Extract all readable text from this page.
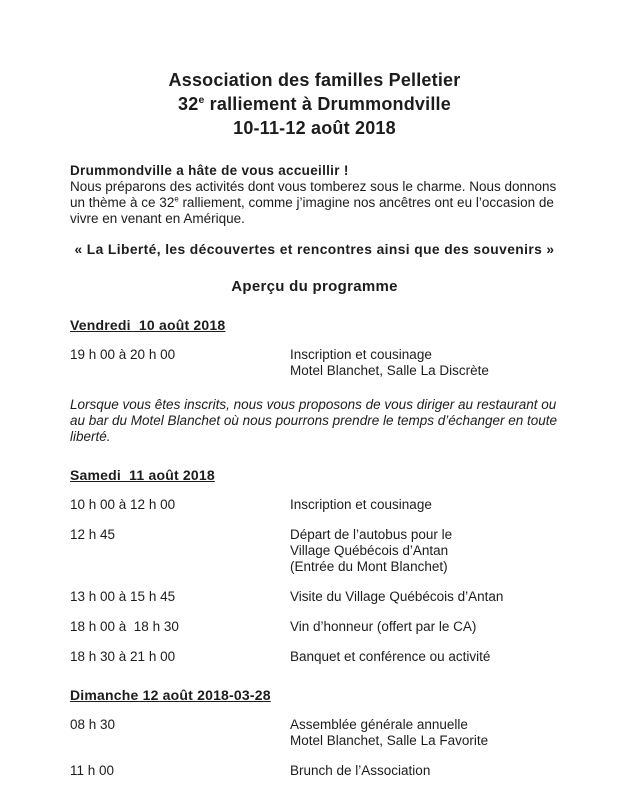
Association des familles Pelletier
32e ralliement à Drummondville
10-11-12 août 2018

Drummondville a hâte de vous accueillir !

Nous préparons des activités dont vous tomberez sous le charme. Nous donnons un thème à ce 32e ralliement, comme j’imagine nos ancêtres ont eu l’occasion de vivre en venant en Amérique.

« La Liberté, les découvertes et rencontres ainsi que des souvenirs »

Aperçu du programme

Vendredi  10 août 2018
19 h 00 à 20 h 00	Inscription et cousinage
Motel Blanchet, Salle La Discrète

Lorsque vous êtes inscrits, nous vous proposons de vous diriger au restaurant ou au bar du Motel Blanchet où nous pourrons prendre le temps d’échanger en toute liberté.

Samedi  11 août 2018
10 h 00 à 12 h 00	Inscription et cousinage
12 h 45	Départ de l’autobus pour le
Village Québécois d’Antan
(Entrée du Mont Blanchet)
13 h 00 à 15 h 45	Visite du Village Québécois d’Antan
18 h 00 à  18 h 30	Vin d’honneur (offert par le CA)
18 h 30 à 21 h 00	Banquet et conférence ou activité
Dimanche 12 août 2018-03-28
08 h 30	Assemblée générale annuelle
Motel Blanchet, Salle La Favorite
11 h 00	Brunch de l’Association
